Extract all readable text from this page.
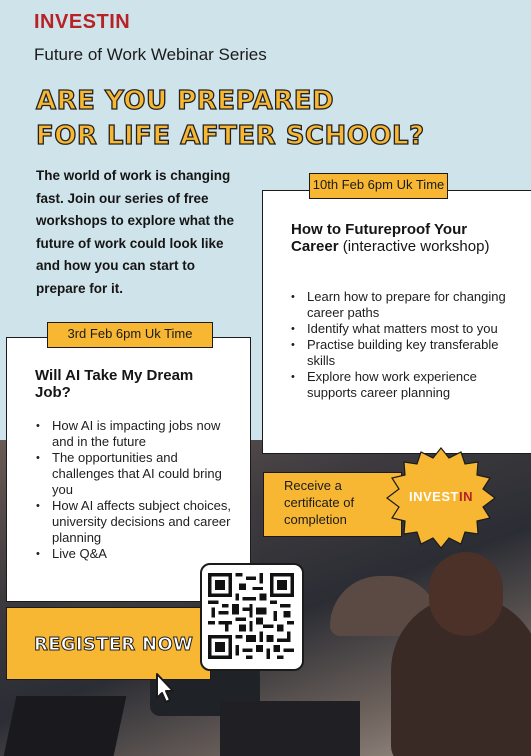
INVESTIN
Future of Work Webinar Series
ARE YOU PREPARED
FOR LIFE AFTER SCHOOL?
The world of work is changing fast. Join our series of free workshops to explore what the future of work could look like and how you can start to prepare for it.
10th Feb 6pm Uk Time
How to Futureproof Your Career (interactive workshop)
• Learn how to prepare for changing career paths
• Identify what matters most to you
• Practise building key transferable skills
• Explore how work experience supports career planning
3rd Feb 6pm Uk Time
Will AI Take My Dream Job?
• How AI is impacting jobs now and in the future
• The opportunities and challenges that AI could bring you
• How AI affects subject choices, university decisions and career planning
• Live Q&A
Receive a certificate of completion
INVESTIN
REGISTER NOW
